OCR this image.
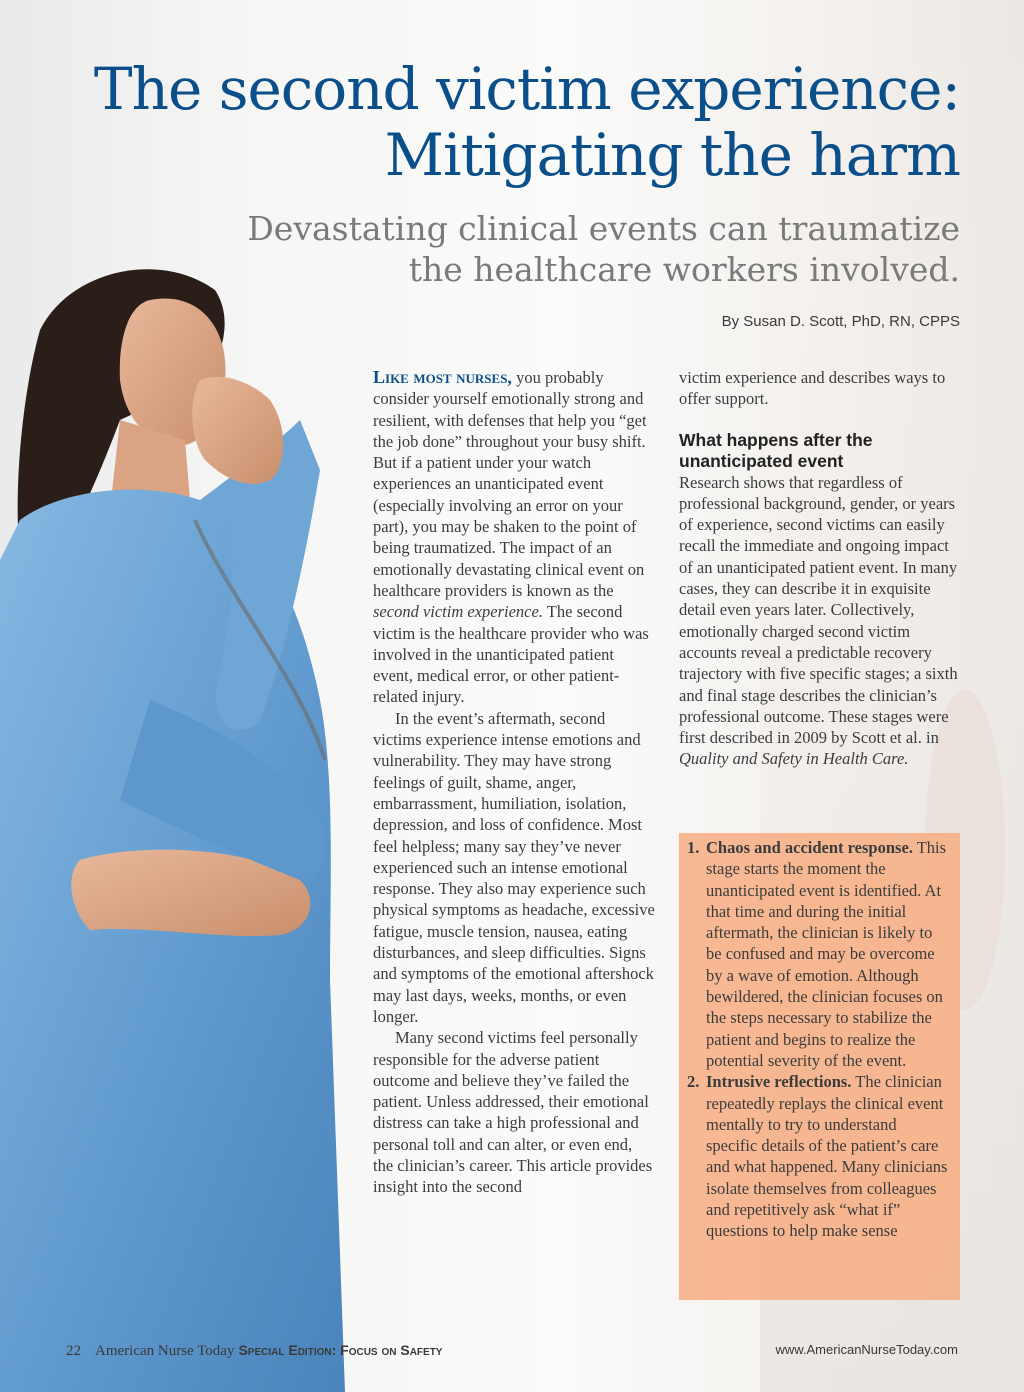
The second victim experience:
Mitigating the harm
Devastating clinical events can traumatize
the healthcare workers involved.
By Susan D. Scott, PhD, RN, CPPS

Like most nurses, you probably consider yourself emotionally strong and resilient, with defenses that help you “get the job done” throughout your busy shift. But if a patient under your watch experiences an unanticipated event (especially involving an error on your part), you may be shaken to the point of being traumatized. The impact of an emotionally devastating clinical event on healthcare providers is known as the second victim experience. The second victim is the healthcare provider who was involved in the unanticipated patient event, medical error, or other patient-related injury.

In the event’s aftermath, second victims experience intense emotions and vulnerability. They may have strong feelings of guilt, shame, anger, embarrassment, humiliation, isolation, depression, and loss of confidence. Most feel helpless; many say they’ve never experienced such an intense emotional response. They also may experience such physical symptoms as headache, excessive fatigue, muscle tension, nausea, eating disturbances, and sleep difficulties. Signs and symptoms of the emotional aftershock may last days, weeks, months, or even longer.

Many second victims feel personally responsible for the adverse patient outcome and believe they’ve failed the patient. Unless addressed, their emotional distress can take a high professional and personal toll and can alter, or even end, the clinician’s career. This article provides insight into the second

victim experience and describes ways to offer support.

What happens after the unanticipated event

Research shows that regardless of professional background, gender, or years of experience, second victims can easily recall the immediate and ongoing impact of an unanticipated patient event. In many cases, they can describe it in exquisite detail even years later. Collectively, emotionally charged second victim accounts reveal a predictable recovery trajectory with five specific stages; a sixth and final stage describes the clinician’s professional outcome. These stages were first described in 2009 by Scott et al. in Quality and Safety in Health Care.

1. Chaos and accident response. This stage starts the moment the unanticipated event is identified. At that time and during the initial aftermath, the clinician is likely to be confused and may be overcome by a wave of emotion. Although bewildered, the clinician focuses on the steps necessary to stabilize the patient and begins to realize the potential severity of the event.

2. Intrusive reflections. The clinician repeatedly replays the clinical event mentally to try to understand specific details of the patient’s care and what happened. Many clinicians isolate themselves from colleagues and repetitively ask “what if” questions to help make sense

22 American Nurse Today Special Edition: Focus on Safety	www.AmericanNurseToday.com
